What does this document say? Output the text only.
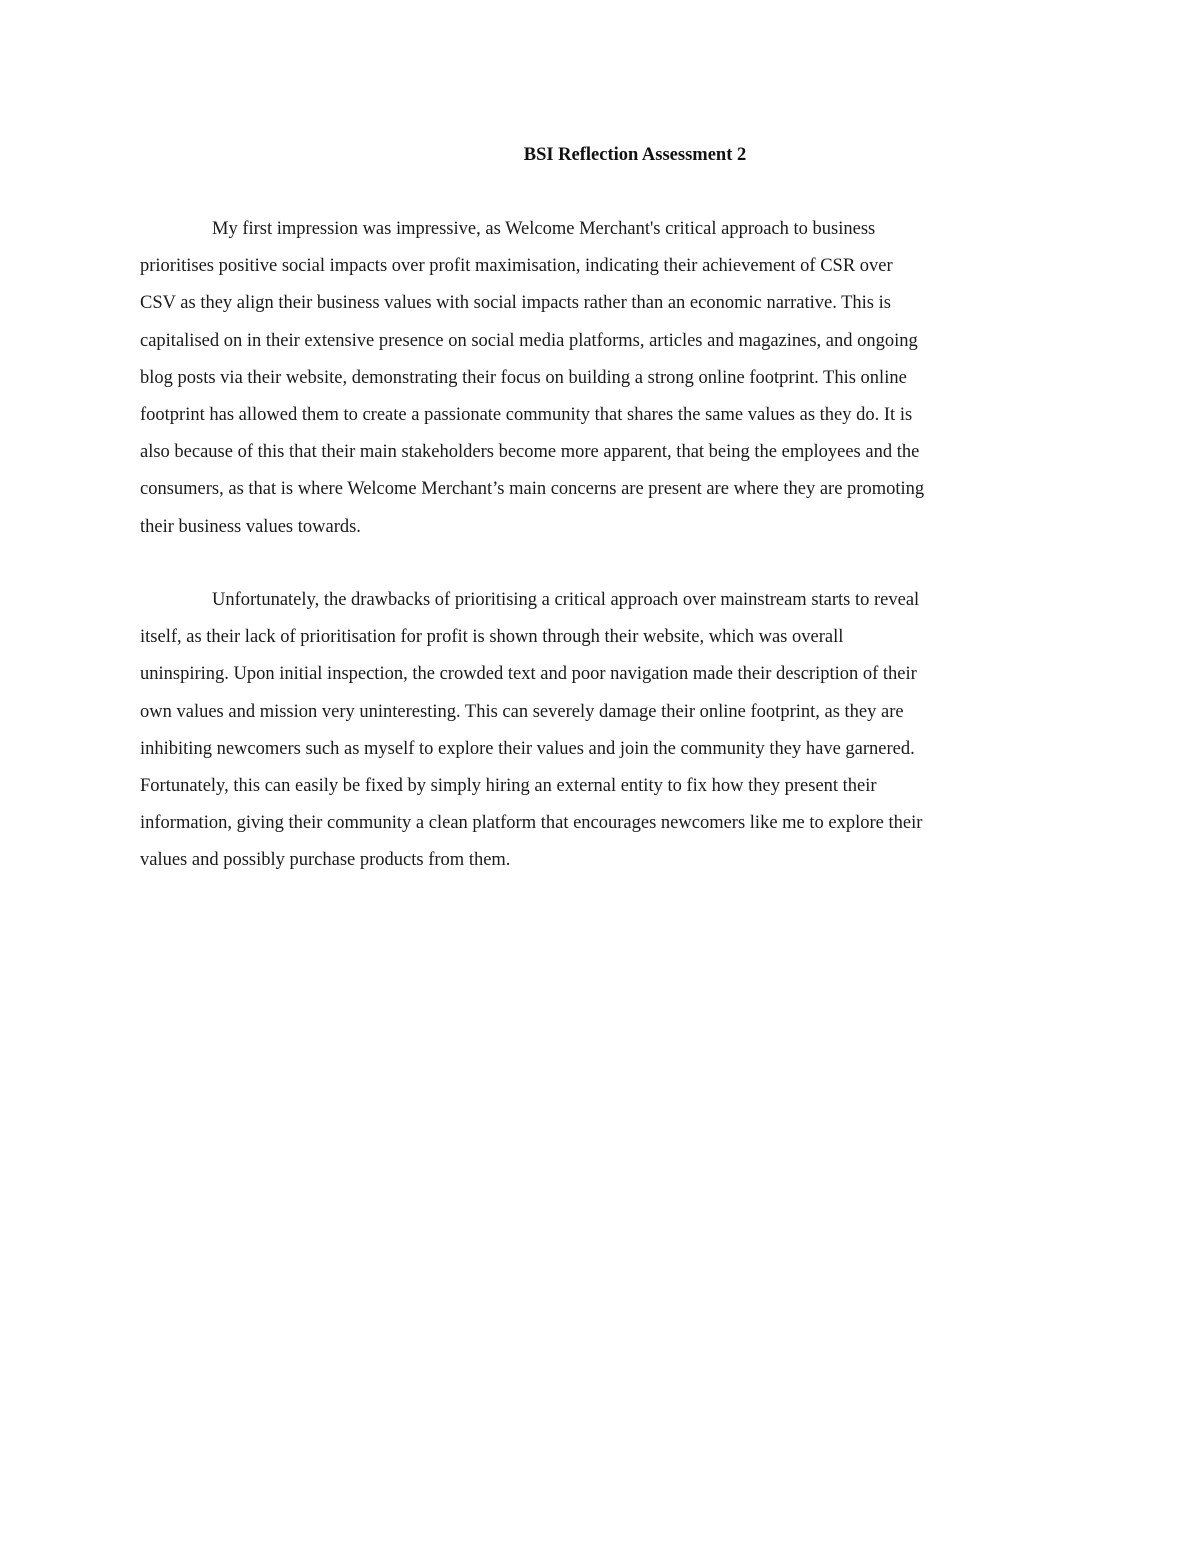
BSI Reflection Assessment 2

My first impression was impressive, as Welcome Merchant's critical approach to business
prioritises positive social impacts over profit maximisation, indicating their achievement of CSR over
CSV as they align their business values with social impacts rather than an economic narrative. This is
capitalised on in their extensive presence on social media platforms, articles and magazines, and ongoing
blog posts via their website, demonstrating their focus on building a strong online footprint. This online
footprint has allowed them to create a passionate community that shares the same values as they do. It is
also because of this that their main stakeholders become more apparent, that being the employees and the
consumers, as that is where Welcome Merchant’s main concerns are present are where they are promoting
their business values towards.

Unfortunately, the drawbacks of prioritising a critical approach over mainstream starts to reveal
itself, as their lack of prioritisation for profit is shown through their website, which was overall
uninspiring. Upon initial inspection, the crowded text and poor navigation made their description of their
own values and mission very uninteresting. This can severely damage their online footprint, as they are
inhibiting newcomers such as myself to explore their values and join the community they have garnered.
Fortunately, this can easily be fixed by simply hiring an external entity to fix how they present their
information, giving their community a clean platform that encourages newcomers like me to explore their
values and possibly purchase products from them.
